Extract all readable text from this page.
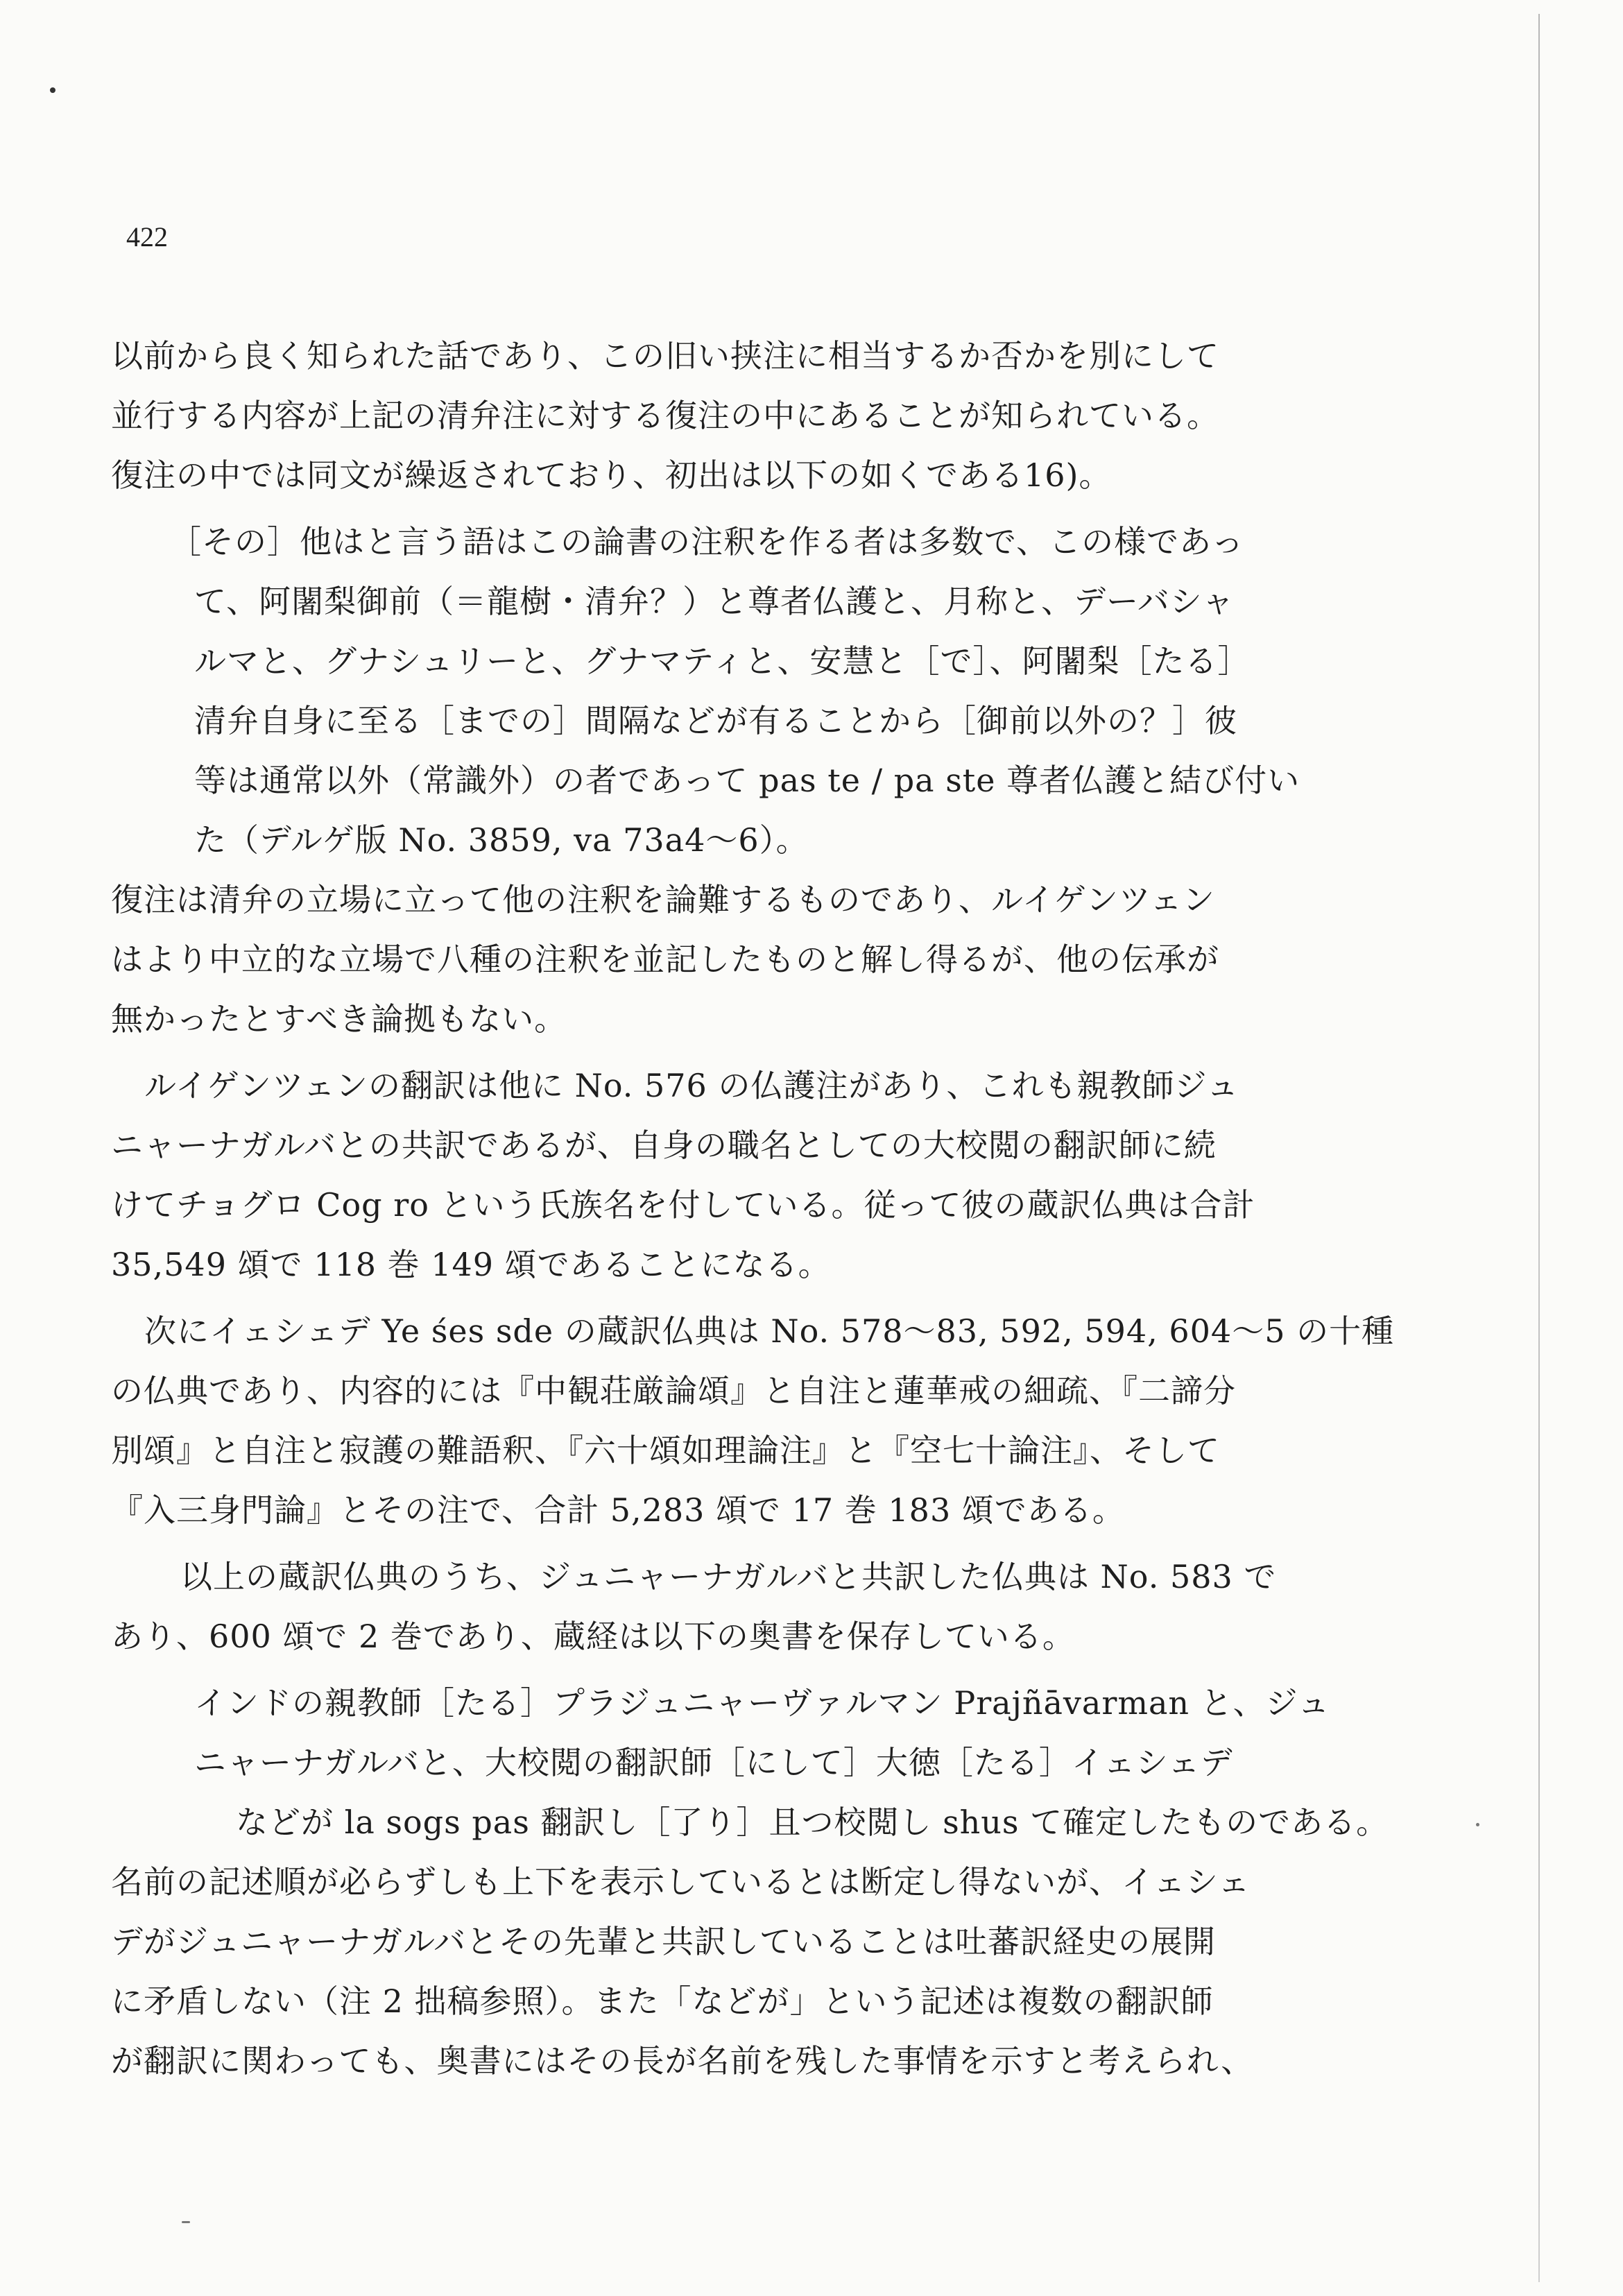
422
以前から良く知られた話であり、この旧い挟注に相当するか否かを別にして
並行する内容が上記の清弁注に対する復注の中にあることが知られている。
復注の中では同文が繰返されており、初出は以下の如くである16)。
［その］他はと言う語はこの論書の注釈を作る者は多数で、この様であっ
て、阿闍梨御前（＝龍樹・清弁？）と尊者仏護と、月称と、デーバシャ
ルマと、グナシュリーと、グナマティと、安慧と［で］、阿闍梨［たる］
清弁自身に至る［までの］間隔などが有ることから［御前以外の？］彼
等は通常以外（常識外）の者であって pas te / pa ste 尊者仏護と結び付い
た（デルゲ版 No. 3859, va 73a4〜6）。
復注は清弁の立場に立って他の注釈を論難するものであり、ルイゲンツェン
はより中立的な立場で八種の注釈を並記したものと解し得るが、他の伝承が
無かったとすべき論拠もない。
ルイゲンツェンの翻訳は他に No. 576 の仏護注があり、これも親教師ジュ
ニャーナガルバとの共訳であるが、自身の職名としての大校閲の翻訳師に続
けてチョグロ Cog ro という氏族名を付している。従って彼の蔵訳仏典は合計
35,549 頌で 118 巻 149 頌であることになる。
次にイェシェデ Ye śes sde の蔵訳仏典は No. 578〜83, 592, 594, 604〜5 の十種
の仏典であり、内容的には『中観荘厳論頌』と自注と蓮華戒の細疏、『二諦分
別頌』と自注と寂護の難語釈、『六十頌如理論注』と『空七十論注』、そして
『入三身門論』とその注で、合計 5,283 頌で 17 巻 183 頌である。
以上の蔵訳仏典のうち、ジュニャーナガルバと共訳した仏典は No. 583 で
あり、600 頌で 2 巻であり、蔵経は以下の奥書を保存している。
インドの親教師［たる］プラジュニャーヴァルマン Prajñāvarman と、ジュ
ニャーナガルバと、大校閲の翻訳師［にして］大徳［たる］イェシェデ
などが la sogs pas 翻訳し［了り］且つ校閲し shus て確定したものである。
名前の記述順が必らずしも上下を表示しているとは断定し得ないが、イェシェ
デがジュニャーナガルバとその先輩と共訳していることは吐蕃訳経史の展開
に矛盾しない（注 2 拙稿参照）。また「などが」という記述は複数の翻訳師
が翻訳に関わっても、奥書にはその長が名前を残した事情を示すと考えられ、
